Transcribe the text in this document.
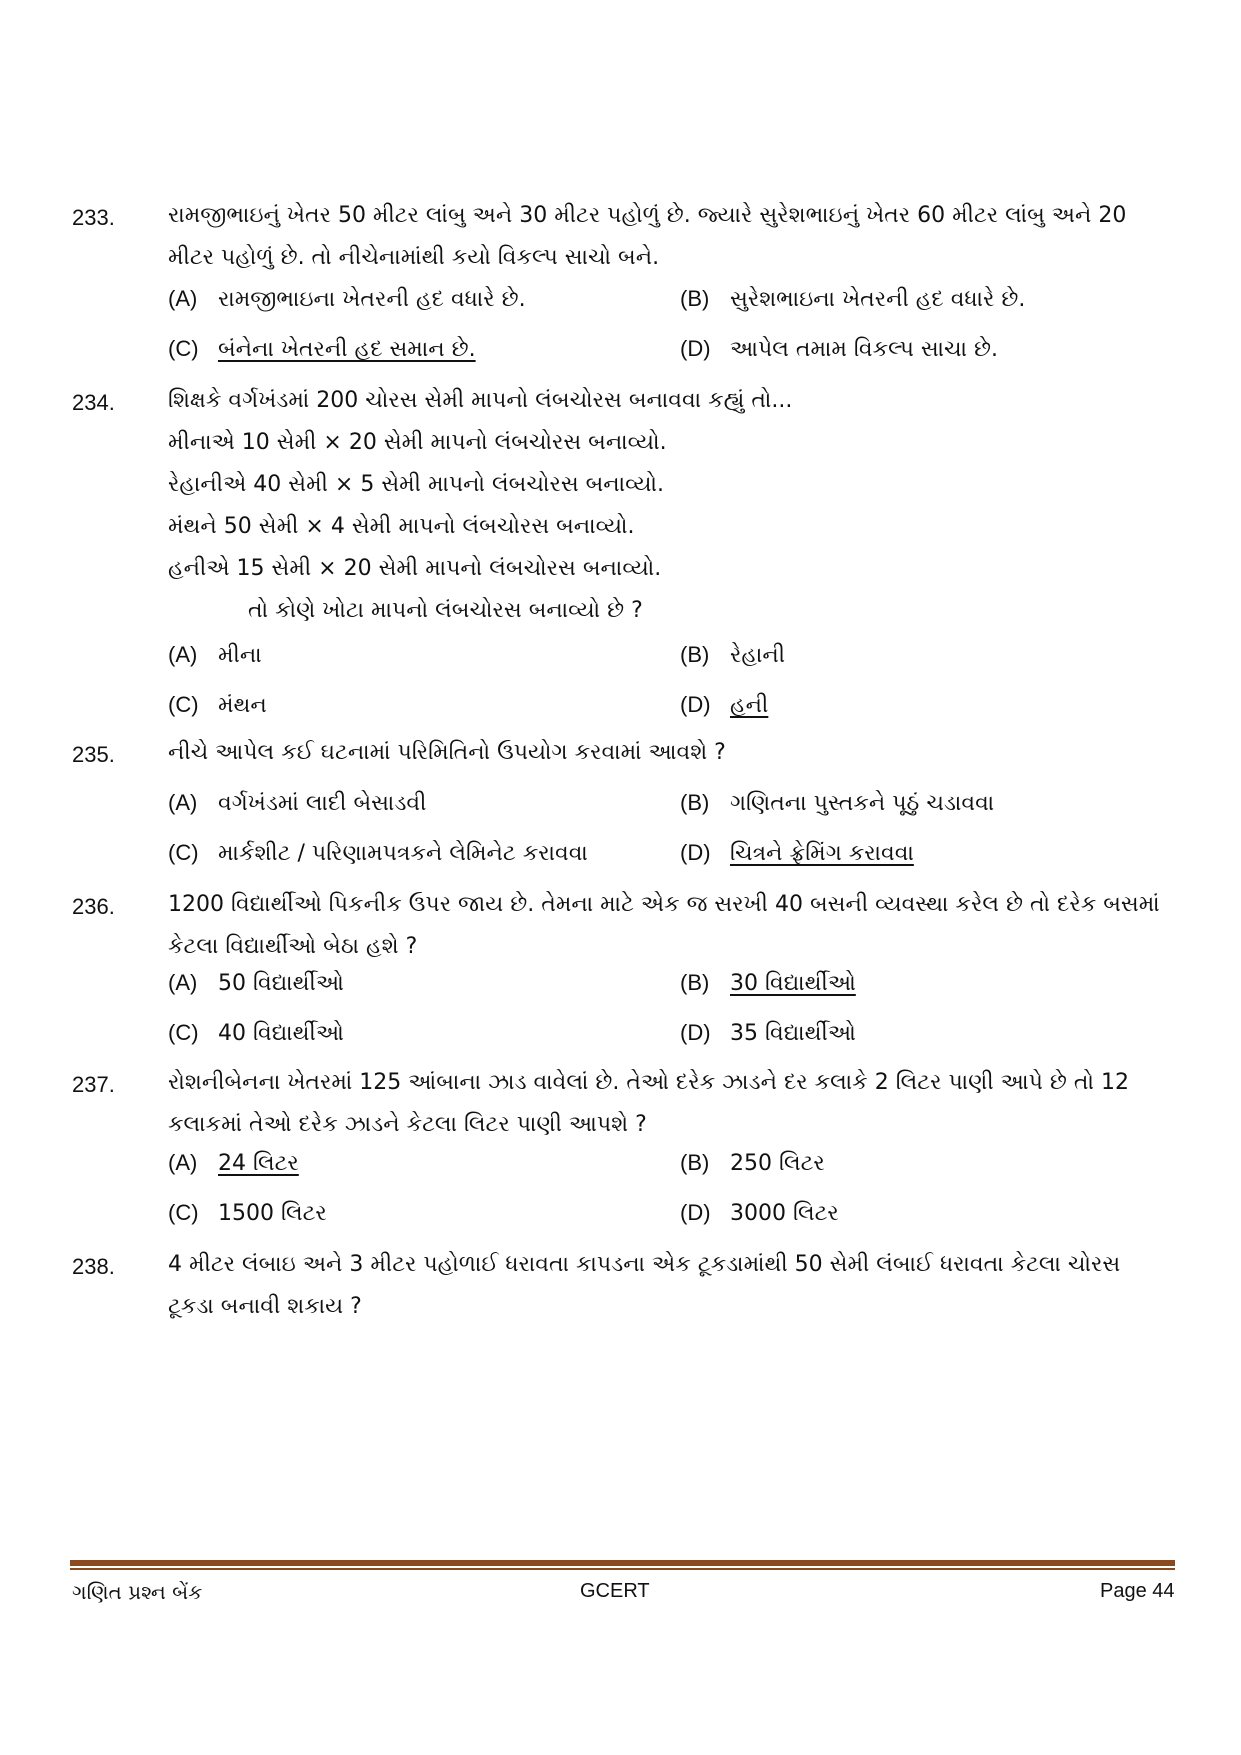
233. રામજીભાઇનું ખેતર 50 મીટર લાંબુ અને 30 મીટર પહોળું છે. જ્યારે સુરેશભાઇનું ખેતર 60 મીટર લાંબુ અને 20 મીટર પહોળું છે. તો નીચેનામાંથી કયો વિકલ્પ સાચો બને.
(A) રામજીભાઇના ખેતરની હદ વધારે છે.	(B) સુરેશભાઇના ખેતરની હદ વધારે છે.
(C) બંનેના ખેતરની હદ સમાન છે.	(D) આપેલ તમામ વિકલ્પ સાચા છે.
234. શિક્ષકે વર્ગખંડમાં 200 ચોરસ સેમી માપનો લંબચોરસ બનાવવા કહ્યું તો...
મીનાએ 10 સેમી × 20 સેમી માપનો લંબચોરસ બનાવ્યો.
રેહાનીએ 40 સેમી × 5 સેમી માપનો લંબચોરસ બનાવ્યો.
મંથને 50 સેમી × 4 સેમી માપનો લંબચોરસ બનાવ્યો.
હનીએ 15 સેમી × 20 સેમી માપનો લંબચોરસ બનાવ્યો.
તો કોણે ખોટા માપનો લંબચોરસ બનાવ્યો છે ?
(A) મીના	(B) રેહાની
(C) મંથન	(D) હની
235. નીચે આપેલ કઈ ઘટનામાં પરિમિતિનો ઉપયોગ કરવામાં આવશે ?
(A) વર્ગખંડમાં લાદી બેસાડવી	(B) ગણિતના પુસ્તકને પૂઠું ચડાવવા
(C) માર્કશીટ / પરિણામપત્રકને લેમિનેટ કરાવવા	(D) ચિત્રને ફ્રેમિંગ કરાવવા
236. 1200 વિદ્યાર્થીઓ પિકનીક ઉપર જાય છે. તેમના માટે એક જ સરખી 40 બસની વ્યવસ્થા કરેલ છે તો દરેક બસમાં કેટલા વિદ્યાર્થીઓ બેઠા હશે ?
(A) 50 વિદ્યાર્થીઓ	(B) 30 વિદ્યાર્થીઓ
(C) 40 વિદ્યાર્થીઓ	(D) 35 વિદ્યાર્થીઓ
237. રોશનીબેનના ખેતરમાં 125 આંબાના ઝાડ વાવેલાં છે. તેઓ દરેક ઝાડને દર કલાકે 2 લિટર પાણી આપે છે તો 12 કલાકમાં તેઓ દરેક ઝાડને કેટલા લિટર પાણી આપશે ?
(A) 24 લિટર	(B) 250 લિટર
(C) 1500 લિટર	(D) 3000 લિટર
238. 4 મીટર લંબાઇ અને 3 મીટર પહોળાઈ ધરાવતા કાપડના એક ટૂકડામાંથી 50 સેમી લંબાઈ ધરાવતા કેટલા ચોરસ ટૂકડા બનાવી શકાય ?
ગણિત પ્રશ્ન બેંક	GCERT	Page 44
